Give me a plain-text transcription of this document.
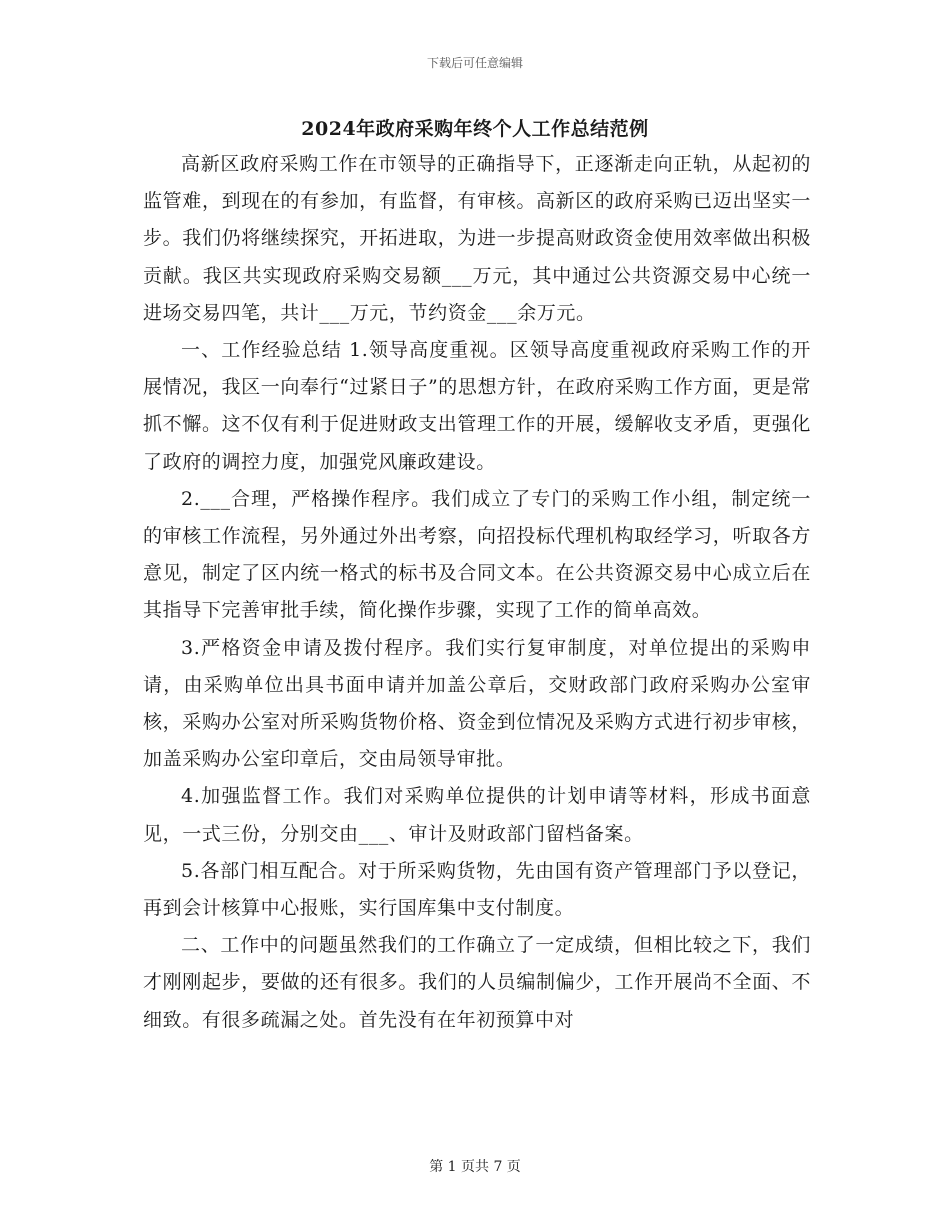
下载后可任意编辑
2024年政府采购年终个人工作总结范例

高新区政府采购工作在市领导的正确指导下，正逐渐走向正轨，从起初的监管难，到现在的有参加，有监督，有审核。高新区的政府采购已迈出坚实一步。我们仍将继续探究，开拓进取，为进一步提高财政资金使用效率做出积极贡献。我区共实现政府采购交易额___万元，其中通过公共资源交易中心统一进场交易四笔，共计___万元，节约资金___余万元。

一、工作经验总结 1.领导高度重视。区领导高度重视政府采购工作的开展情况，我区一向奉行“过紧日子”的思想方针，在政府采购工作方面，更是常抓不懈。这不仅有利于促进财政支出管理工作的开展，缓解收支矛盾，更强化了政府的调控力度，加强党风廉政建设。

2.___合理，严格操作程序。我们成立了专门的采购工作小组，制定统一的审核工作流程，另外通过外出考察，向招投标代理机构取经学习，听取各方意见，制定了区内统一格式的标书及合同文本。在公共资源交易中心成立后在其指导下完善审批手续，简化操作步骤，实现了工作的简单高效。

3.严格资金申请及拨付程序。我们实行复审制度，对单位提出的采购申请，由采购单位出具书面申请并加盖公章后，交财政部门政府采购办公室审核，采购办公室对所采购货物价格、资金到位情况及采购方式进行初步审核，加盖采购办公室印章后，交由局领导审批。

4.加强监督工作。我们对采购单位提供的计划申请等材料，形成书面意见，一式三份，分别交由___、审计及财政部门留档备案。

5.各部门相互配合。对于所采购货物，先由国有资产管理部门予以登记，再到会计核算中心报账，实行国库集中支付制度。

二、工作中的问题虽然我们的工作确立了一定成绩，但相比较之下，我们才刚刚起步，要做的还有很多。我们的人员编制偏少，工作开展尚不全面、不细致。有很多疏漏之处。首先没有在年初预算中对

第 1 页共 7 页
